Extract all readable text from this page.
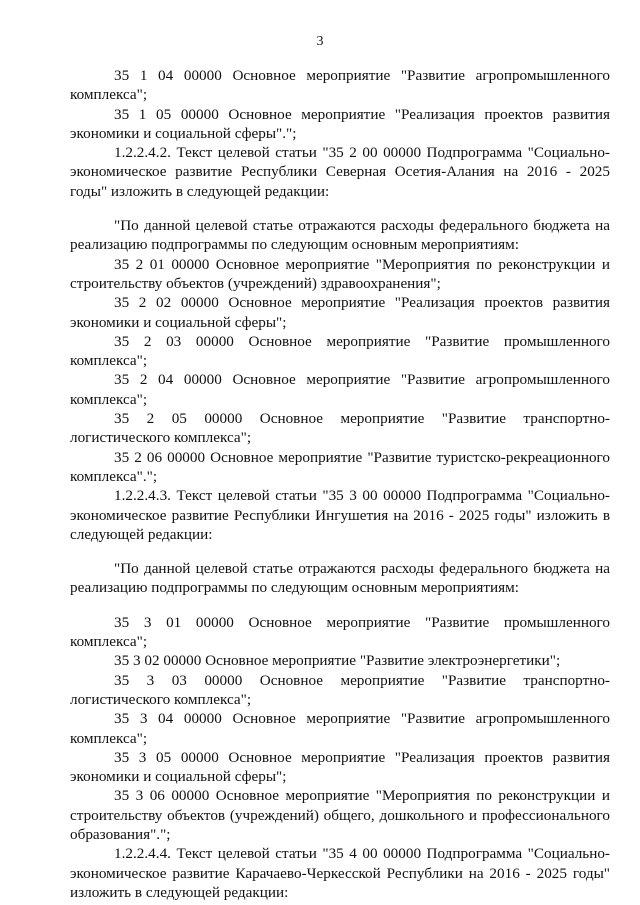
3

35 1 04 00000 Основное мероприятие "Развитие агропромышленного комплекса";

35 1 05 00000 Основное мероприятие "Реализация проектов развития экономики и социальной сферы".";

1.2.2.4.2. Текст целевой статьи "35 2 00 00000 Подпрограмма "Социально-экономическое развитие Республики Северная Осетия-Алания на 2016 - 2025 годы" изложить в следующей редакции:

"По данной целевой статье отражаются расходы федерального бюджета на реализацию подпрограммы по следующим основным мероприятиям:

35 2 01 00000 Основное мероприятие "Мероприятия по реконструкции и строительству объектов (учреждений) здравоохранения";

35 2 02 00000 Основное мероприятие "Реализация проектов развития экономики и социальной сферы";

35 2 03 00000 Основное мероприятие "Развитие промышленного комплекса";

35 2 04 00000 Основное мероприятие "Развитие агропромышленного комплекса";

35 2 05 00000 Основное мероприятие "Развитие транспортно-логистического комплекса";

35 2 06 00000 Основное мероприятие "Развитие туристско-рекреационного комплекса".";

1.2.2.4.3. Текст целевой статьи "35 3 00 00000 Подпрограмма "Социально-экономическое развитие Республики Ингушетия на 2016 - 2025 годы" изложить в следующей редакции:

"По данной целевой статье отражаются расходы федерального бюджета на реализацию подпрограммы по следующим основным мероприятиям:

35 3 01 00000 Основное мероприятие "Развитие промышленного комплекса";

35 3 02 00000 Основное мероприятие "Развитие электроэнергетики";

35 3 03 00000 Основное мероприятие "Развитие транспортно-логистического комплекса";

35 3 04 00000 Основное мероприятие "Развитие агропромышленного комплекса";

35 3 05 00000 Основное мероприятие "Реализация проектов развития экономики и социальной сферы";

35 3 06 00000 Основное мероприятие "Мероприятия по реконструкции и строительству объектов (учреждений) общего, дошкольного и профессионального образования".";

1.2.2.4.4. Текст целевой статьи "35 4 00 00000 Подпрограмма "Социально-экономическое развитие Карачаево-Черкесской Республики на 2016 - 2025 годы" изложить в следующей редакции:
